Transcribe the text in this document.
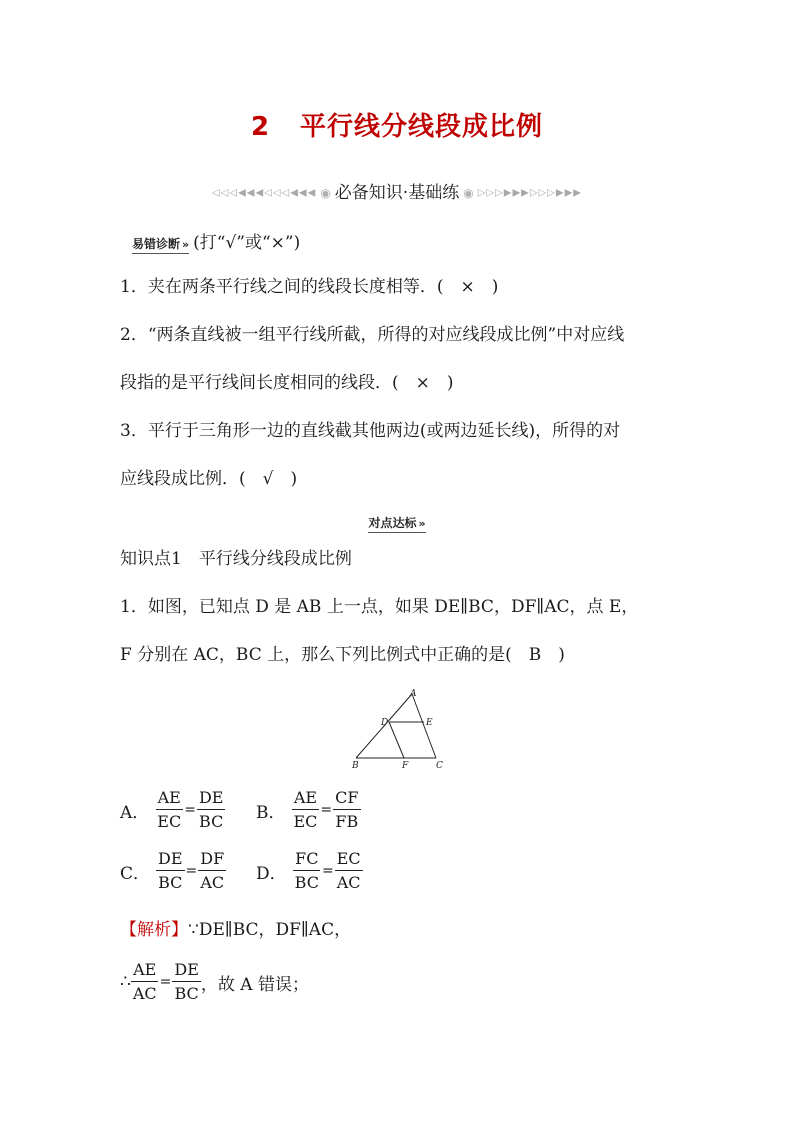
2 平行线分线段成比例
◁◁◁◀◀◀◁◁◁◀◀◀ ◉ 必备知识·基础练 ◉ ▷▷▷▶▶▶▷▷▷▶▶▶
易错诊断 » (打“√”或“×”)
1．夹在两条平行线之间的线段长度相等．(　×　)
2．“两条直线被一组平行线所截，所得的对应线段成比例”中对应线
段指的是平行线间长度相同的线段．(　×　)
3．平行于三角形一边的直线截其他两边(或两边延长线)，所得的对
应线段成比例．(　√　)
对点达标 »
知识点1　平行线分线段成比例
1．如图，已知点 D 是 AB 上一点，如果 DE∥BC，DF∥AC，点 E，
F 分别在 AC，BC 上，那么下列比例式中正确的是(　B　)
A
D	E
B	F	C
A． $\frac{AE}{EC} = \frac{DE}{BC}$ B． $\frac{AE}{EC} = \frac{CF}{FB}$
C． $\frac{DE}{BC} = \frac{DF}{AC}$ D． $\frac{FC}{BC} = \frac{EC}{AC}$
【解析】∵DE∥BC，DF∥AC，
∴ $\frac{AE}{AC} = \frac{DE}{BC}$ ，故 A 错误；
